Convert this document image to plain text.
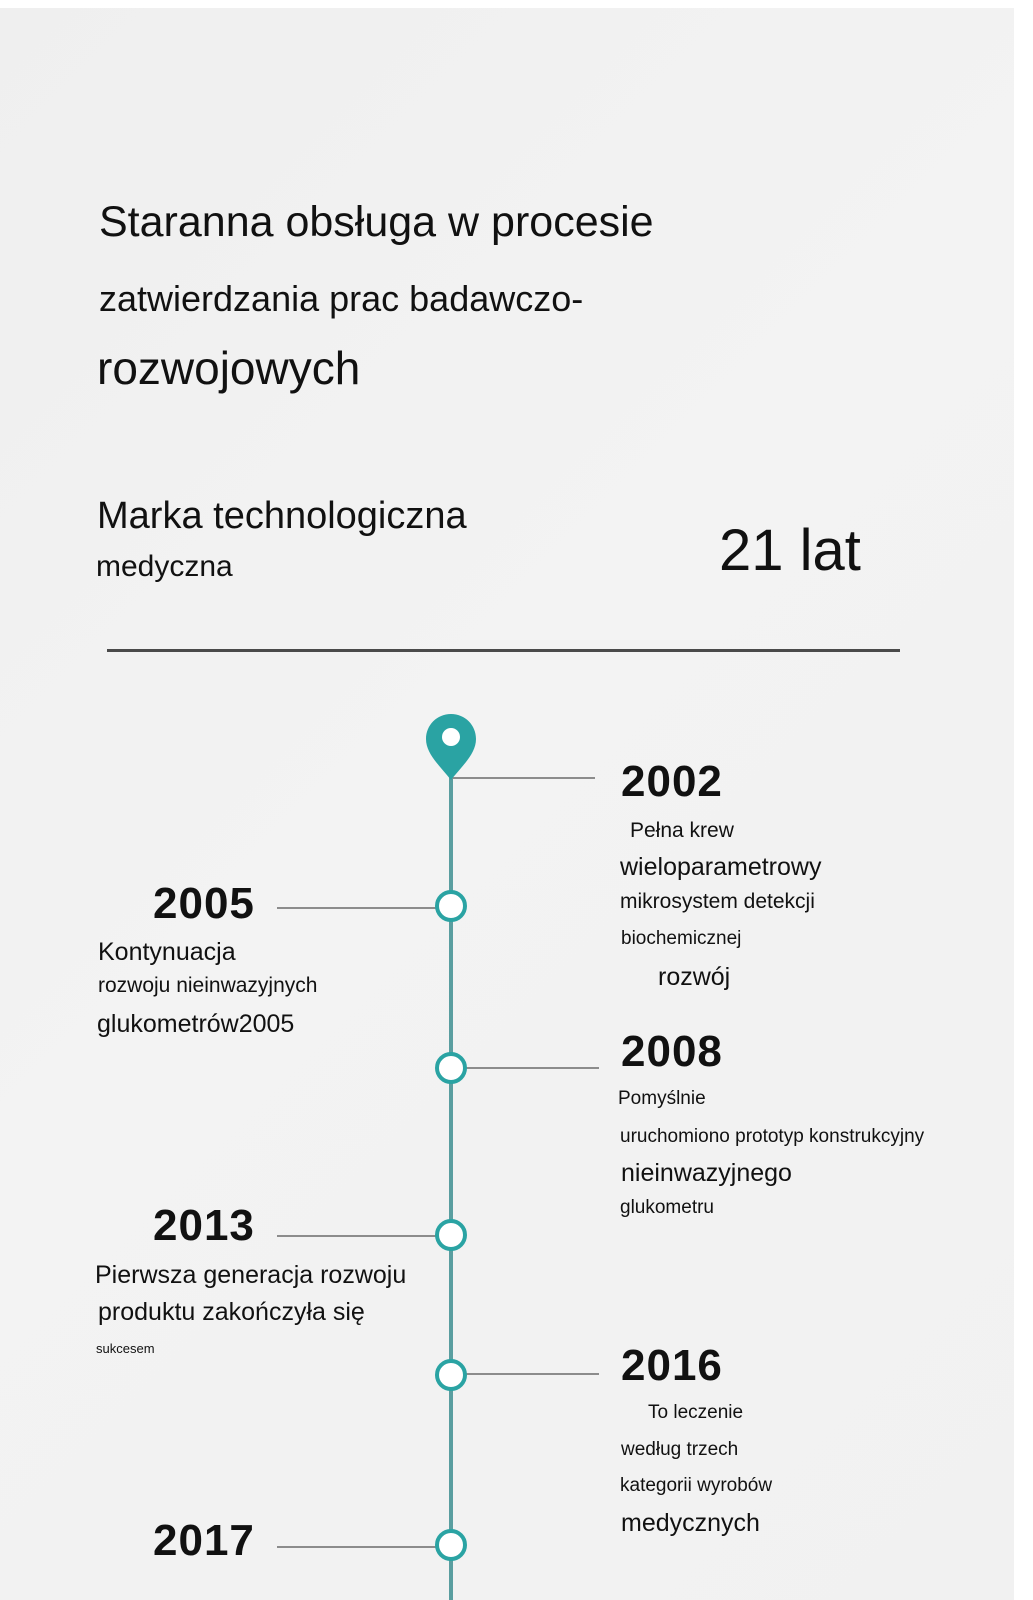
Staranna obsługa w procesie
zatwierdzania prac badawczo-
rozwojowych
Marka technologiczna
medyczna	21 lat
2002
Pełna krew
wieloparametrowy
mikrosystem detekcji
biochemicznej
rozwój
2005
Kontynuacja
rozwoju nieinwazyjnych
glukometrów2005
2008
Pomyślnie
uruchomiono prototyp konstrukcyjny
nieinwazyjnego
glukometru
2013
Pierwsza generacja rozwoju
produktu zakończyła się
sukcesem	2016
To leczenie
według trzech
kategorii wyrobów
medycznych
2017
